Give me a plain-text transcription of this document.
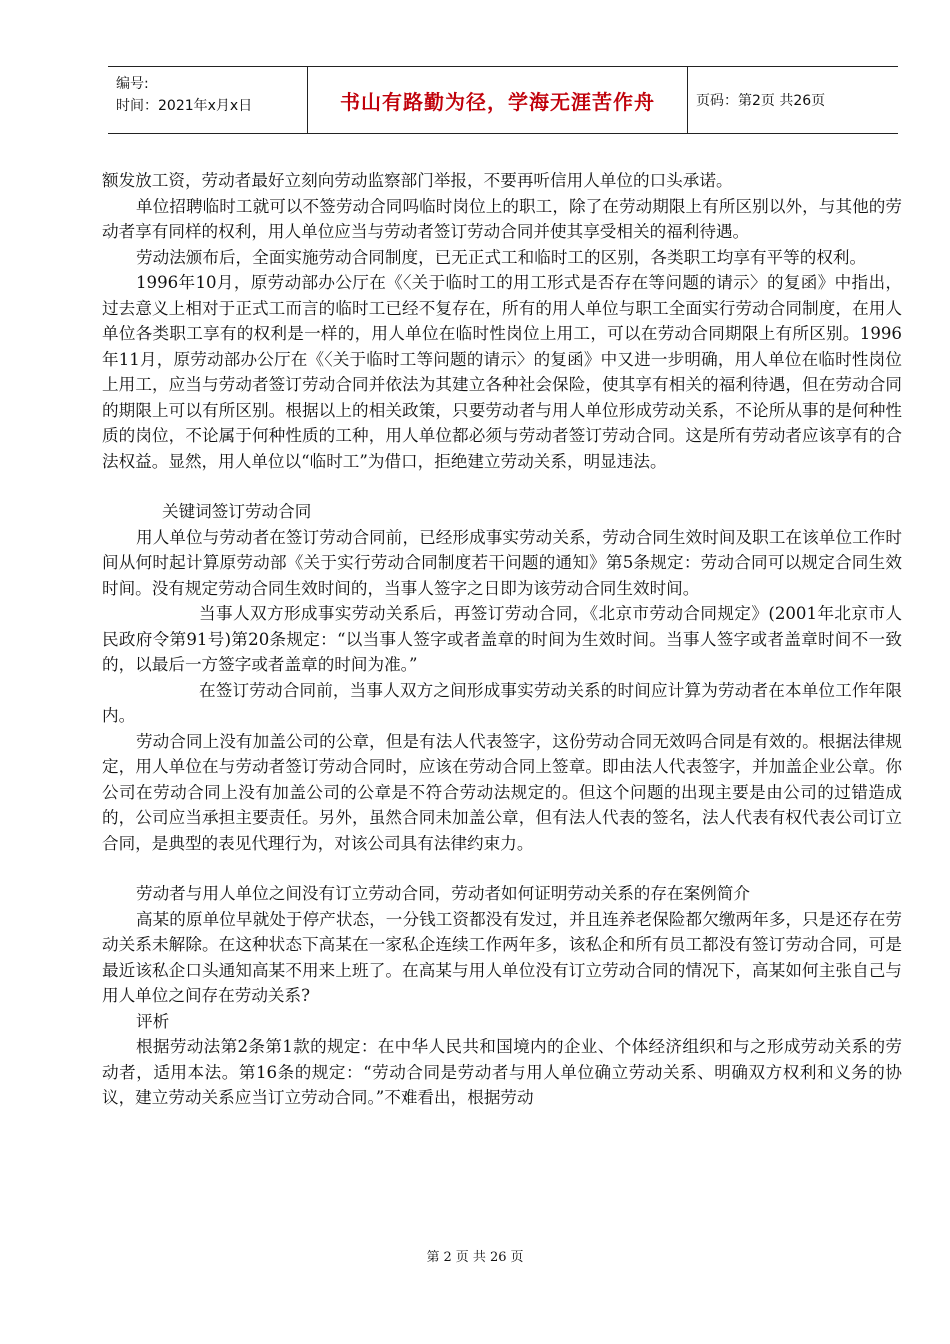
编号:
时间：2021年x月x日	书山有路勤为径，学海无涯苦作舟	页码：第2页 共26页

额发放工资，劳动者最好立刻向劳动监察部门举报，不要再听信用人单位的口头承诺。

单位招聘临时工就可以不签劳动合同吗临时岗位上的职工，除了在劳动期限上有所区别以外，与其他的劳动者享有同样的权利，用人单位应当与劳动者签订劳动合同并使其享受相关的福利待遇。

劳动法颁布后，全面实施劳动合同制度，已无正式工和临时工的区别，各类职工均享有平等的权利。

1996年10月，原劳动部办公厅在《〈关于临时工的用工形式是否存在等问题的请示〉的复函》中指出，过去意义上相对于正式工而言的临时工已经不复存在，所有的用人单位与职工全面实行劳动合同制度，在用人单位各类职工享有的权利是一样的，用人单位在临时性岗位上用工，可以在劳动合同期限上有所区别。1996年11月，原劳动部办公厅在《〈关于临时工等问题的请示〉的复函》中又进一步明确，用人单位在临时性岗位上用工，应当与劳动者签订劳动合同并依法为其建立各种社会保险，使其享有相关的福利待遇，但在劳动合同的期限上可以有所区别。根据以上的相关政策，只要劳动者与用人单位形成劳动关系，不论所从事的是何种性质的岗位，不论属于何种性质的工种，用人单位都必须与劳动者签订劳动合同。这是所有劳动者应该享有的合法权益。显然，用人单位以“临时工”为借口，拒绝建立劳动关系，明显违法。

关键词签订劳动合同

用人单位与劳动者在签订劳动合同前，已经形成事实劳动关系，劳动合同生效时间及职工在该单位工作时间从何时起计算原劳动部《关于实行劳动合同制度若干问题的通知》第5条规定：劳动合同可以规定合同生效时间。没有规定劳动合同生效时间的，当事人签字之日即为该劳动合同生效时间。

当事人双方形成事实劳动关系后，再签订劳动合同，《北京市劳动合同规定》(2001年北京市人民政府令第91号)第20条规定：“以当事人签字或者盖章的时间为生效时间。当事人签字或者盖章时间不一致的，以最后一方签字或者盖章的时间为准。”

在签订劳动合同前，当事人双方之间形成事实劳动关系的时间应计算为劳动者在本单位工作年限内。

劳动合同上没有加盖公司的公章，但是有法人代表签字，这份劳动合同无效吗合同是有效的。根据法律规定，用人单位在与劳动者签订劳动合同时，应该在劳动合同上签章。即由法人代表签字，并加盖企业公章。你公司在劳动合同上没有加盖公司的公章是不符合劳动法规定的。但这个问题的出现主要是由公司的过错造成的，公司应当承担主要责任。另外，虽然合同未加盖公章，但有法人代表的签名，法人代表有权代表公司订立合同，是典型的表见代理行为，对该公司具有法律约束力。

劳动者与用人单位之间没有订立劳动合同，劳动者如何证明劳动关系的存在案例简介

高某的原单位早就处于停产状态，一分钱工资都没有发过，并且连养老保险都欠缴两年多，只是还存在劳动关系未解除。在这种状态下高某在一家私企连续工作两年多，该私企和所有员工都没有签订劳动合同，可是最近该私企口头通知高某不用来上班了。在高某与用人单位没有订立劳动合同的情况下，高某如何主张自己与用人单位之间存在劳动关系?

评析

根据劳动法第2条第1款的规定：在中华人民共和国境内的企业、个体经济组织和与之形成劳动关系的劳动者，适用本法。第16条的规定：“劳动合同是劳动者与用人单位确立劳动关系、明确双方权利和义务的协议，建立劳动关系应当订立劳动合同。”不难看出，根据劳动

第 2 页 共 26 页
